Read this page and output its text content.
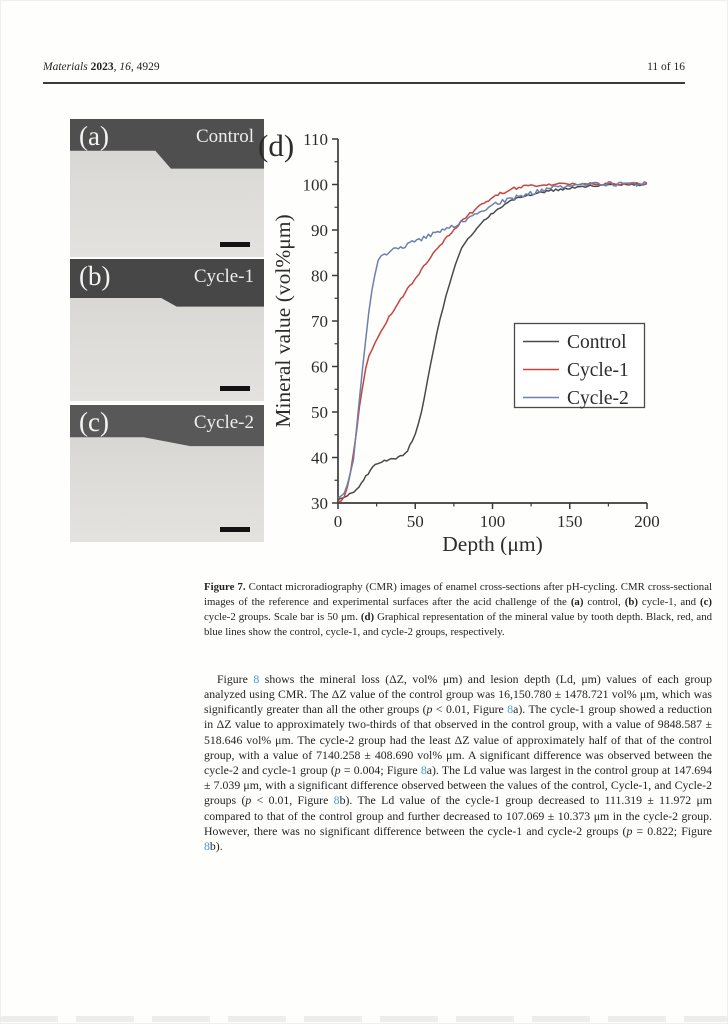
Materials 2023, 16, 4929	11 of 16
(a)	Control
(b)	Cycle-1
(c)	Cycle-2
(d)
0	50	100	150	200
30
40
50
60
70
80
90
100
110
Depth (μm)
Mineral value (vol%μm)	Control
Cycle-1
Cycle-2

Figure 7. Contact microradiography (CMR) images of enamel cross-sections after pH-cycling. CMR cross-sectional images of the reference and experimental surfaces after the acid challenge of the (a) control, (b) cycle-1, and (c) cycle-2 groups. Scale bar is 50 μm. (d) Graphical representation of the mineral value by tooth depth. Black, red, and blue lines show the control, cycle-1, and cycle-2 groups, respectively.

Figure 8 shows the mineral loss (ΔZ, vol% μm) and lesion depth (Ld, μm) values of each group analyzed using CMR. The ΔZ value of the control group was 16,150.780 ± 1478.721 vol% μm, which was significantly greater than all the other groups (p < 0.01, Figure 8a). The cycle-1 group showed a reduction in ΔZ value to approximately two-thirds of that observed in the control group, with a value of 9848.587 ± 518.646 vol% μm. The cycle-2 group had the least ΔZ value of approximately half of that of the control group, with a value of 7140.258 ± 408.690 vol% μm. A significant difference was observed between the cycle-2 and cycle-1 group (p = 0.004; Figure 8a). The Ld value was largest in the control group at 147.694 ± 7.039 μm, with a significant difference observed between the values of the control, Cycle-1, and Cycle-2 groups (p < 0.01, Figure 8b). The Ld value of the cycle-1 group decreased to 111.319 ± 11.972 μm compared to that of the control group and further decreased to 107.069 ± 10.373 μm in the cycle-2 group. However, there was no significant difference between the cycle-1 and cycle-2 groups (p = 0.822; Figure 8b).
